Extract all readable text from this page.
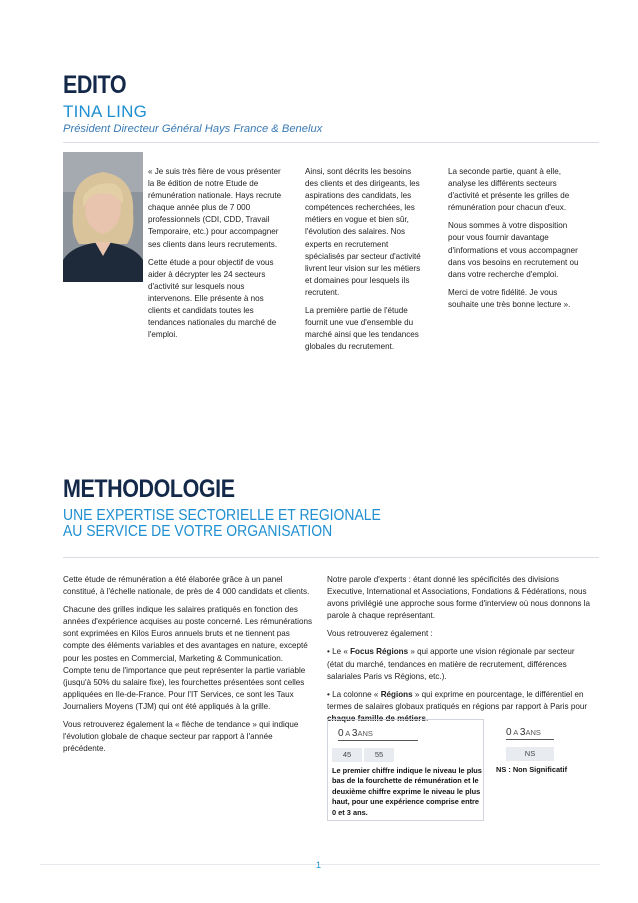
EDITO
TINA LING
Président Directeur Général Hays France & Benelux

« Je suis très fière de vous présenter la 8e édition de notre Etude de rémunération nationale. Hays recrute chaque année plus de 7 000 professionnels (CDI, CDD, Travail Temporaire, etc.) pour accompagner ses clients dans leurs recrutements.

Cette étude a pour objectif de vous aider à décrypter les 24 secteurs d'activité sur lesquels nous intervenons. Elle présente à nos clients et candidats toutes les tendances nationales du marché de l'emploi.

Ainsi, sont décrits les besoins des clients et des dirigeants, les aspirations des candidats, les compétences recherchées, les métiers en vogue et bien sûr, l'évolution des salaires. Nos experts en recrutement spécialisés par secteur d'activité livrent leur vision sur les métiers et domaines pour lesquels ils recrutent.

La première partie de l'étude fournit une vue d'ensemble du marché ainsi que les tendances globales du recrutement.

La seconde partie, quant à elle, analyse les différents secteurs d'activité et présente les grilles de rémunération pour chacun d'eux.

Nous sommes à votre disposition pour vous fournir davantage d'informations et vous accompagner dans vos besoins en recrutement ou dans votre recherche d'emploi.

Merci de votre fidélité. Je vous souhaite une très bonne lecture ».

METHODOLOGIE
UNE EXPERTISE SECTORIELLE ET REGIONALE
AU SERVICE DE VOTRE ORGANISATION

Cette étude de rémunération a été élaborée grâce à un panel constitué, à l'échelle nationale, de près de 4 000 candidats et clients.

Chacune des grilles indique les salaires pratiqués en fonction des années d'expérience acquises au poste concerné. Les rémunérations sont exprimées en Kilos Euros annuels bruts et ne tiennent pas compte des éléments variables et des avantages en nature, excepté pour les postes en Commercial, Marketing & Communication. Compte tenu de l'importance que peut représenter la partie variable (jusqu'à 50% du salaire fixe), les fourchettes présentées sont celles appliquées en Ile-de-France. Pour l'IT Services, ce sont les Taux Journaliers Moyens (TJM) qui ont été appliqués à la grille.

Vous retrouverez également la « flèche de tendance » qui indique l'évolution globale de chaque secteur par rapport à l'année précédente.

Notre parole d'experts : étant donné les spécificités des divisions Executive, International et Associations, Fondations & Fédérations, nous avons privilégié une approche sous forme d'interview où nous donnons la parole à chaque représentant.

Vous retrouverez également :

• Le « Focus Régions » qui apporte une vision régionale par secteur (état du marché, tendances en matière de recrutement, différences salariales Paris vs Régions, etc.).

• La colonne « Régions » qui exprime en pourcentage, le différentiel en termes de salaires globaux pratiqués en régions par rapport à Paris pour chaque famille de métiers.

0 A 3ANS
45	55
Le premier chiffre indique le niveau le plus bas de la fourchette de rémunération et le deuxième chiffre exprime le niveau le plus haut, pour une expérience comprise entre 0 et 3 ans.
0 A 3ANS
NS
NS : Non Significatif
1
